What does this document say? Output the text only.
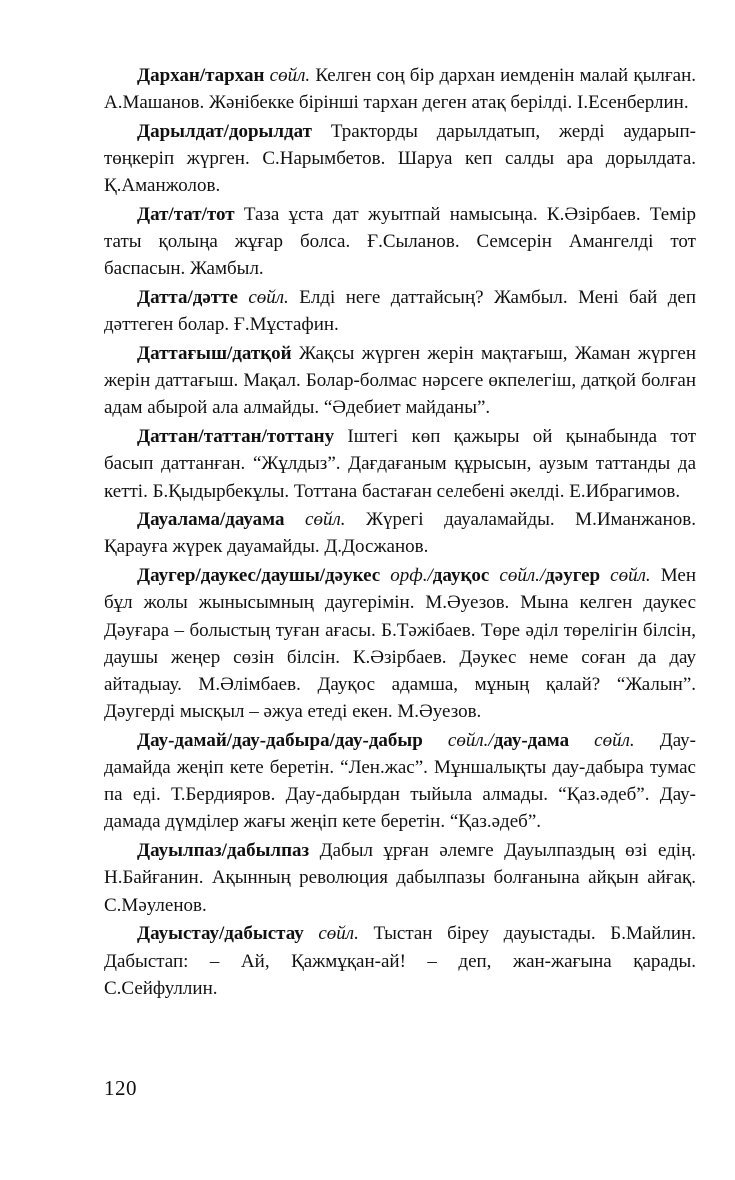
Дархан/тархан сөйл. Келген соң бір дархан иемденін малай қылған. А.Машанов. Жәнібекке бірінші тархан деген атақ берілді. І.Есенберлин.

Дарылдат/дорылдат Тракторды дарылдатып, жерді аударып-төңкеріп жүрген. С.Нарымбетов. Шаруа кеп салды ара дорылдата. Қ.Аманжолов.

Дат/тат/тот Таза ұста дат жуытпай намысыңа. К.Әзірбаев. Темір таты қолыңа жұғар болса. Ғ.Сыланов. Семсерін Амангелді тот баспасын. Жамбыл.

Датта/дәтте сөйл. Елді неге даттайсың? Жамбыл. Мені бай деп дәттеген болар. Ғ.Мұстафин.

Даттағыш/датқой Жақсы жүрген жерін мақтағыш, Жаман жүрген жерін даттағыш. Мақал. Болар-болмас нәрсеге өкпелегіш, датқой болған адам абырой ала алмайды. “Әдебиет майданы”.

Даттан/таттан/тоттану Іштегі көп қажыры ой қынабында тот басып даттанған. “Жұлдыз”. Дағдағаным құрысын, аузым таттанды да кетті. Б.Қыдырбекұлы. Тоттана бастаған селебені әкелді. Е.Ибрагимов.

Дауалама/дауама сөйл. Жүрегі дауаламайды. М.Иманжанов. Қарауға жүрек дауамайды. Д.Досжанов.

Даугер/даукес/даушы/дәукес орф./дауқос сөйл./дәугер сөйл. Мен бұл жолы жынысымның даугерімін. М.Әуезов. Мына келген даукес Дәуғара – болыстың туған ағасы. Б.Тәжібаев. Төре әділ төрелігін білсін, даушы жеңер сөзін білсін. К.Әзірбаев. Дәукес неме соған да дау айтадыау. М.Әлімбаев. Дауқос адамша, мұның қалай? “Жалын”. Дәугерді мысқыл – әжуа етеді екен. М.Әуезов.

Дау-дамай/дау-дабыра/дау-дабыр сөйл./дау-дама сөйл. Дау-дамайда жеңіп кете беретін. “Лен.жас”. Мұншалықты дау-дабыра тумас па еді. Т.Бердияров. Дау-дабырдан тыйыла алмады. “Қаз.әдеб”. Дау-дамада дүмділер жағы жеңіп кете беретін. “Қаз.әдеб”.

Дауылпаз/дабылпаз Дабыл ұрған әлемге Дауылпаздың өзі едің. Н.Байғанин. Ақынның революция дабылпазы болғанына айқын айғақ. С.Мәуленов.

Дауыстау/дабыстау сөйл. Тыстан біреу дауыстады. Б.Майлин. Дабыстап: – Ай, Қажмұқан-ай! – деп, жан-жағына қарады. С.Сейфуллин.

120
